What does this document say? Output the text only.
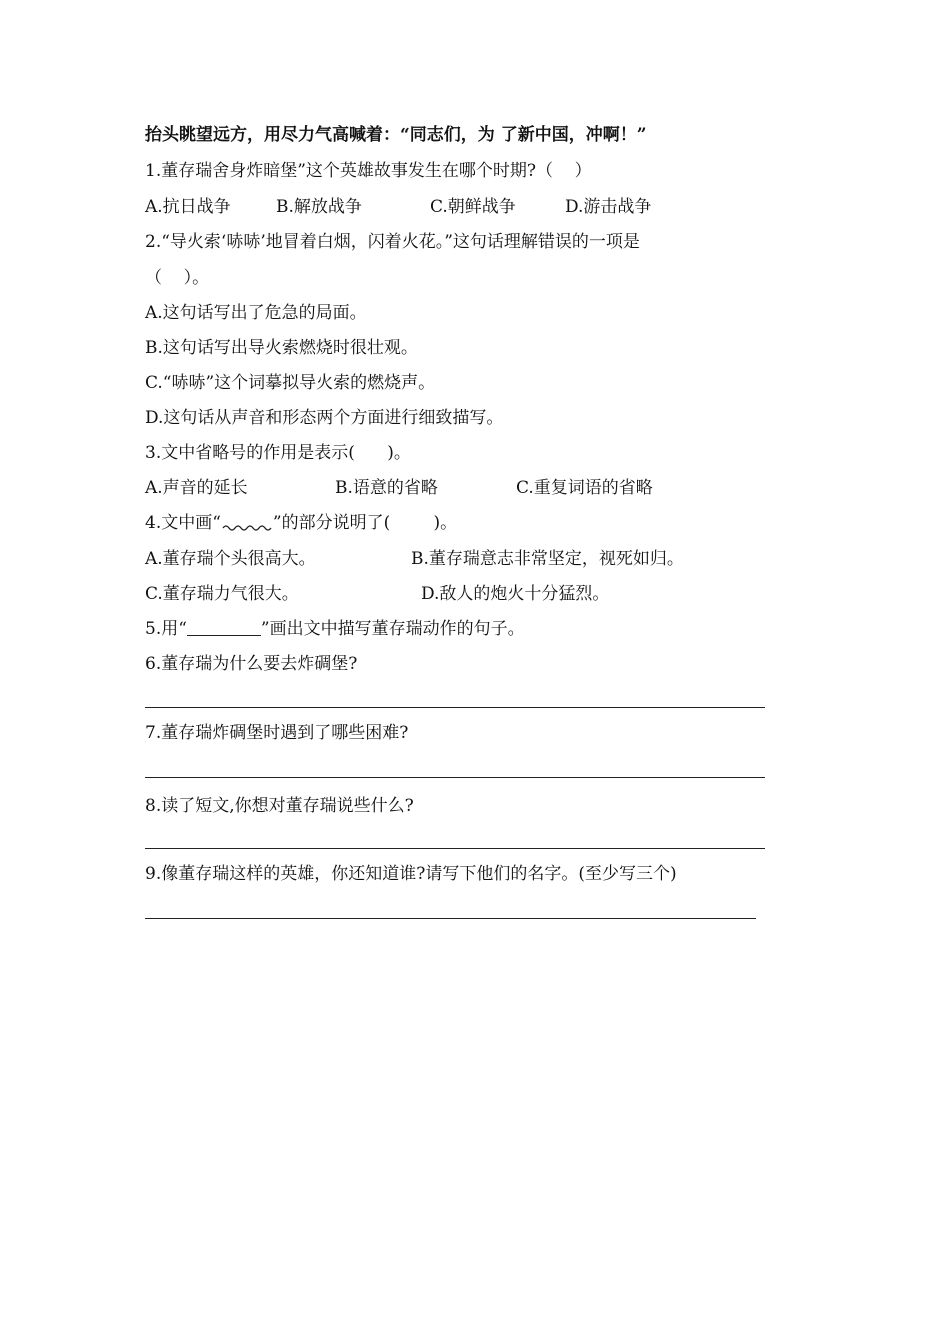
抬头眺望远方，用尽力气高喊着：“同志们，为 了新中国，冲啊！”
1.董存瑞舍身炸暗堡”这个英雄故事发生在哪个时期?（    ）
A.抗日战争	B.解放战争	C.朝鲜战争	D.游击战争
2.“导火索‘哧哧’地冒着白烟，闪着火花。”这句话理解错误的一项是
（    ）。
A.这句话写出了危急的局面。
B.这句话写出导火索燃烧时很壮观。
C.“哧哧”这个词摹拟导火索的燃烧声。
D.这句话从声音和形态两个方面进行细致描写。
3.文中省略号的作用是表示(      )。
A.声音的延长	B.语意的省略	C.重复词语的省略
4.文中画“	”的部分说明了(        )。
A.董存瑞个头很高大。	B.董存瑞意志非常坚定，视死如归。
C.董存瑞力气很大。	D.敌人的炮火十分猛烈。
5.用“	”画出文中描写董存瑞动作的句子。
6.董存瑞为什么要去炸碉堡?
7.董存瑞炸碉堡时遇到了哪些困难?
8.读了短文,你想对董存瑞说些什么?
9.像董存瑞这样的英雄，你还知道谁?请写下他们的名字。(至少写三个)
